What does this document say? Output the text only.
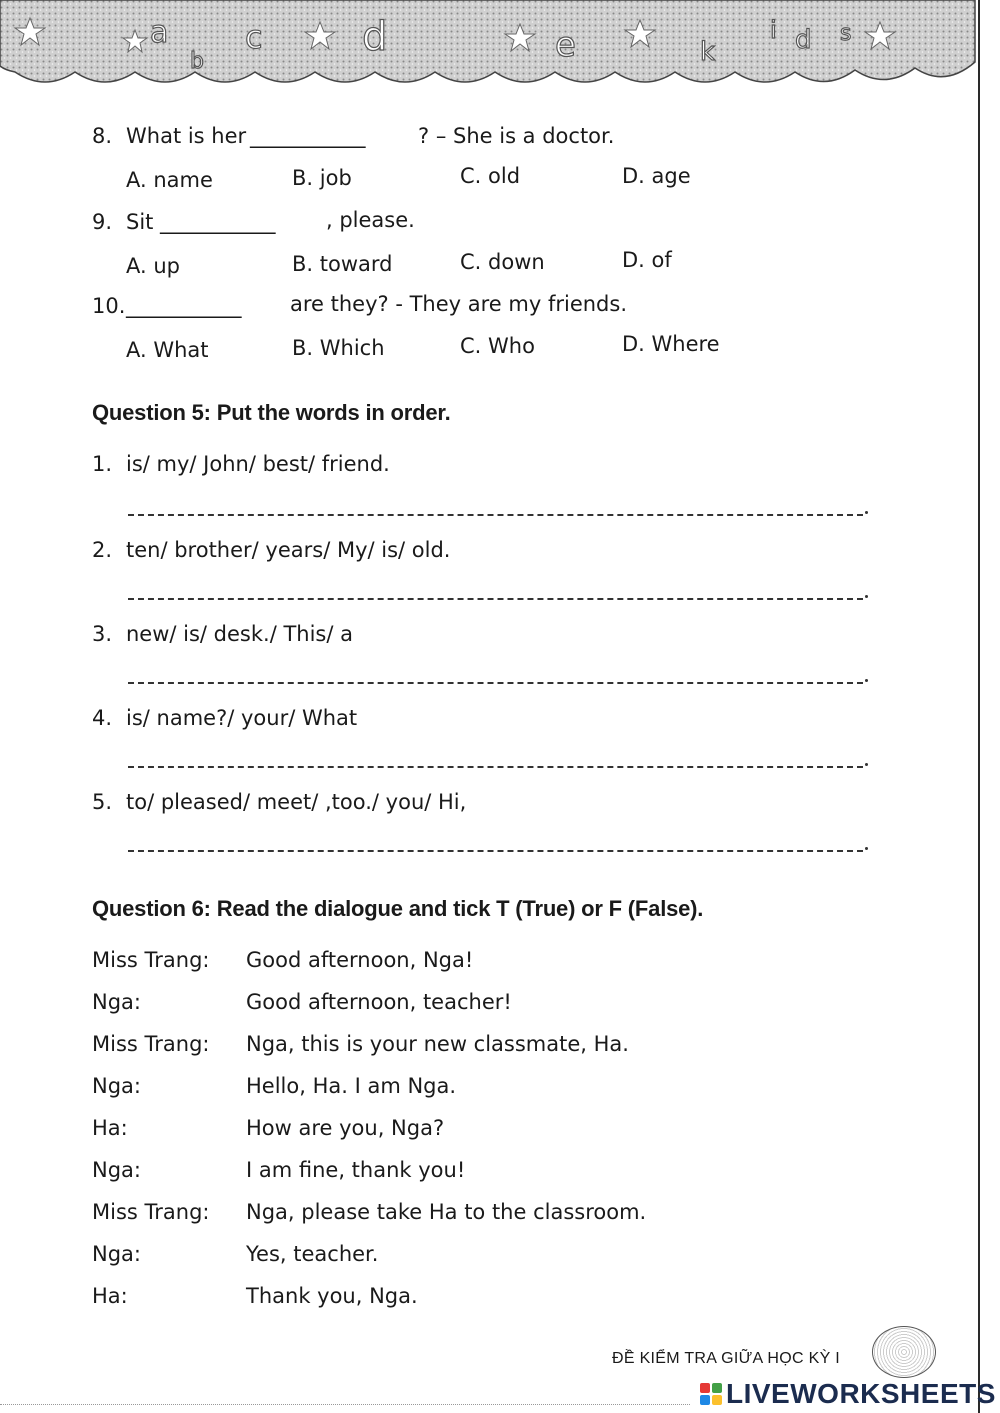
a
b
c d	e	k
i d s
8. What is her ___________	? – She is a doctor.
A. name	B. job	C. old	D. age
9. Sit ___________ , please.
A. up	B. toward	C. down	D. of
10. ___________ are they? - They are my friends.
A. What	B. Which	C. Who	D. Where
Question 5: Put the words in order.
1. is/ my/ John/ best/ friend.
2. ten/ brother/ years/ My/ is/ old.
3. new/ is/ desk./ This/ a
4. is/ name?/ your/ What
5. to/ pleased/ meet/ ,too./ you/ Hi,
Question 6: Read the dialogue and tick T (True) or F (False).
Miss Trang: Good afternoon, Nga!
Nga:	Good afternoon, teacher!
Miss Trang: Nga, this is your new classmate, Ha.
Nga:	Hello, Ha. I am Nga.
Ha:	How are you, Nga?
Nga:	I am fine, thank you!
Miss Trang: Nga, please take Ha to the classroom.
Nga:	Yes, teacher.
Ha:	Thank you, Nga.
ĐỀ KIỂM TRA GIỮA HỌC KỲ I
LIVEWORKSHEETS
